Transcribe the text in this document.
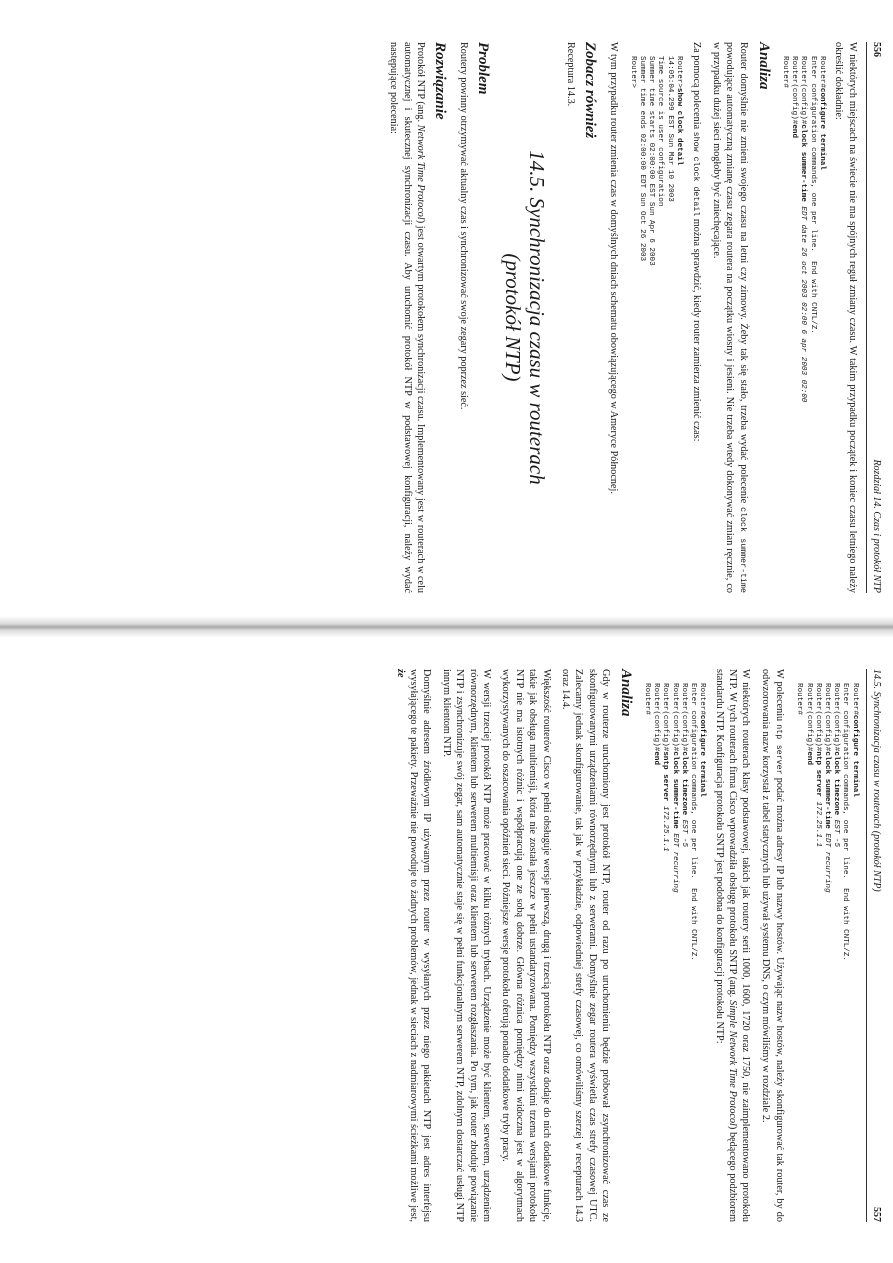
556
Rozdział 14. Czas i protokół NTP

W niektórych miejscach na świecie nie ma spójnych reguł zmiany czasu. W takim przypadku początek i koniec czasu letniego należy określić dokładnie:

Router#configure terminal
Enter configuration commands, one per line.  End with CNTL/Z.
Router(config)#clock summer-time EDT date 26 oct 2003 02:00 6 apr 2003 02:00
Router(config)#end
Router#
Analiza

Router domyślnie nie zmieni swojego czasu na letni czy zimowy. Żeby tak się stało, trzeba wydać polecenie clock summer-time powodujące automatyczną zmianę czasu zegara routera na początku wiosny i jesieni. Nie trzeba wtedy dokonywać zmian ręcznie, co w przypadku dużej sieci mogłoby być zniechęcające.

Za pomocą polecenia show clock detail można sprawdzić, kiedy router zamierza zmienić czas:

Router>show clock detail
14:05:04.299 EST Sun Mar 10 2003
Time source is user configuration
Summer time starts 02:00:00 EST Sun Apr 6 2003
Summer time ends 02:00:00 EDT Sun Oct 26 2003
Router>

W tym przypadku router zmienia czas w domyślnych dniach schematu obowiązującego w Ameryce Północnej.

Zobacz również

Receptura 14.3.

14.5. Synchronizacja czasu w routerach
(protokół NTP)
Problem

Routery powinny otrzymywać aktualny czas i synchronizować swoje zegary poprzez sieć.

Rozwiązanie

Protokół NTP (ang. Network Time Protocol) jest otwartym protokołem synchronizacji czasu. Implementowany jest w routerach w celu automatycznej i skutecznej synchronizacji czasu. Aby uruchomić protokół NTP w podstawowej konfiguracji, należy wydać następujące polecenia:

14.5. Synchronizacja czasu w routerach (protokół NTP)
557
Router#configure terminal
Enter configuration commands, one per line.  End with CNTL/Z.
Router(config)#clock timezone EST -5
Router(config)#clock summer-time EDT recurring
Router(config)#ntp server 172.25.1.1
Router(config)#end
Router#

W poleceniu ntp server podać można adresy IP lub nazwy hostów. Używając nazw hostów, należy skonfigurować tak router, by do odwzorowania nazw korzystał z tabel statycznych lub używał systemu DNS, o czym mówiliśmy w rozdziale 2.

W niektórych routerach klasy podstawowej, takich jak routery serii 1000, 1600, 1720 oraz 1750, nie zaimplementowano protokołu NTP. W tych routerach firma Cisco wprowadziła obsługę protokołu SNTP (ang. Simple Network Time Protocol) będącego podzbiorem standardu NTP. Konfiguracja protokołu SNTP jest podobna do konfiguracji protokołu NTP:

Router#configure terminal
Enter configuration commands, one per line.  End with CNTL/Z.
Router(config)#clock timezone EST -5
Router(config)#clock summer-time EDT recurring
Router(config)#sntp server 172.25.1.1
Router(config)#end
Router#
Analiza

Gdy w routerze uruchomiony jest protokół NTP, router od razu po uruchomieniu będzie próbował zsynchronizować czas ze skonfigurowanymi urządzeniami równorzędnymi lub z serwerami. Domyślnie zegar routera wyświetla czas strefy czasowej UTC. Zalecamy jednak skonfigurowanie, tak jak w przykładzie, odpowiedniej strefy czasowej, co omówiliśmy szerzej w recepturach 14.3 oraz 14.4.

Większość routerów Cisco w pełni obsługuje wersje pierwszą, drugą i trzecią protokołu NTP oraz dodaje do nich dodatkowe funkcje, takie jak obsługa multiemisji, która nie została jeszcze w pełni ustandaryzowana. Pomiędzy wszystkimi trzema wersjami protokołu NTP nie ma istotnych różnic i współpracują one ze sobą dobrze. Główna różnica pomiędzy nimi widoczna jest w algorytmach wykorzystywanych do oszacowania opóźnień sieci. Późniejsze wersje protokołu oferują ponadto dodatkowe tryby pracy.

W wersji trzeciej protokół NTP może pracować w kilku różnych trybach. Urządzenie może być klientem, serwerem, urządzeniem równorzędnym, klientem lub serwerem multiemisji oraz klientem lub serwerem rozgłaszania. Po tym, jak router zbuduje powiązanie NTP i zsynchronizuje swój zegar, sam automatycznie staje się w pełni funkcjonalnym serwerem NTP, zdolnym dostarczać usługi NTP innym klientom NTP.

Domyślnie adresem źródłowym IP używanym przez router w wysyłanych przez niego pakietach NTP jest adres interfejsu wysyłającego te pakiety. Przeważnie nie powoduje to żadnych problemów, jednak w sieciach z nadmiarowymi ścieżkami możliwe jest, że
